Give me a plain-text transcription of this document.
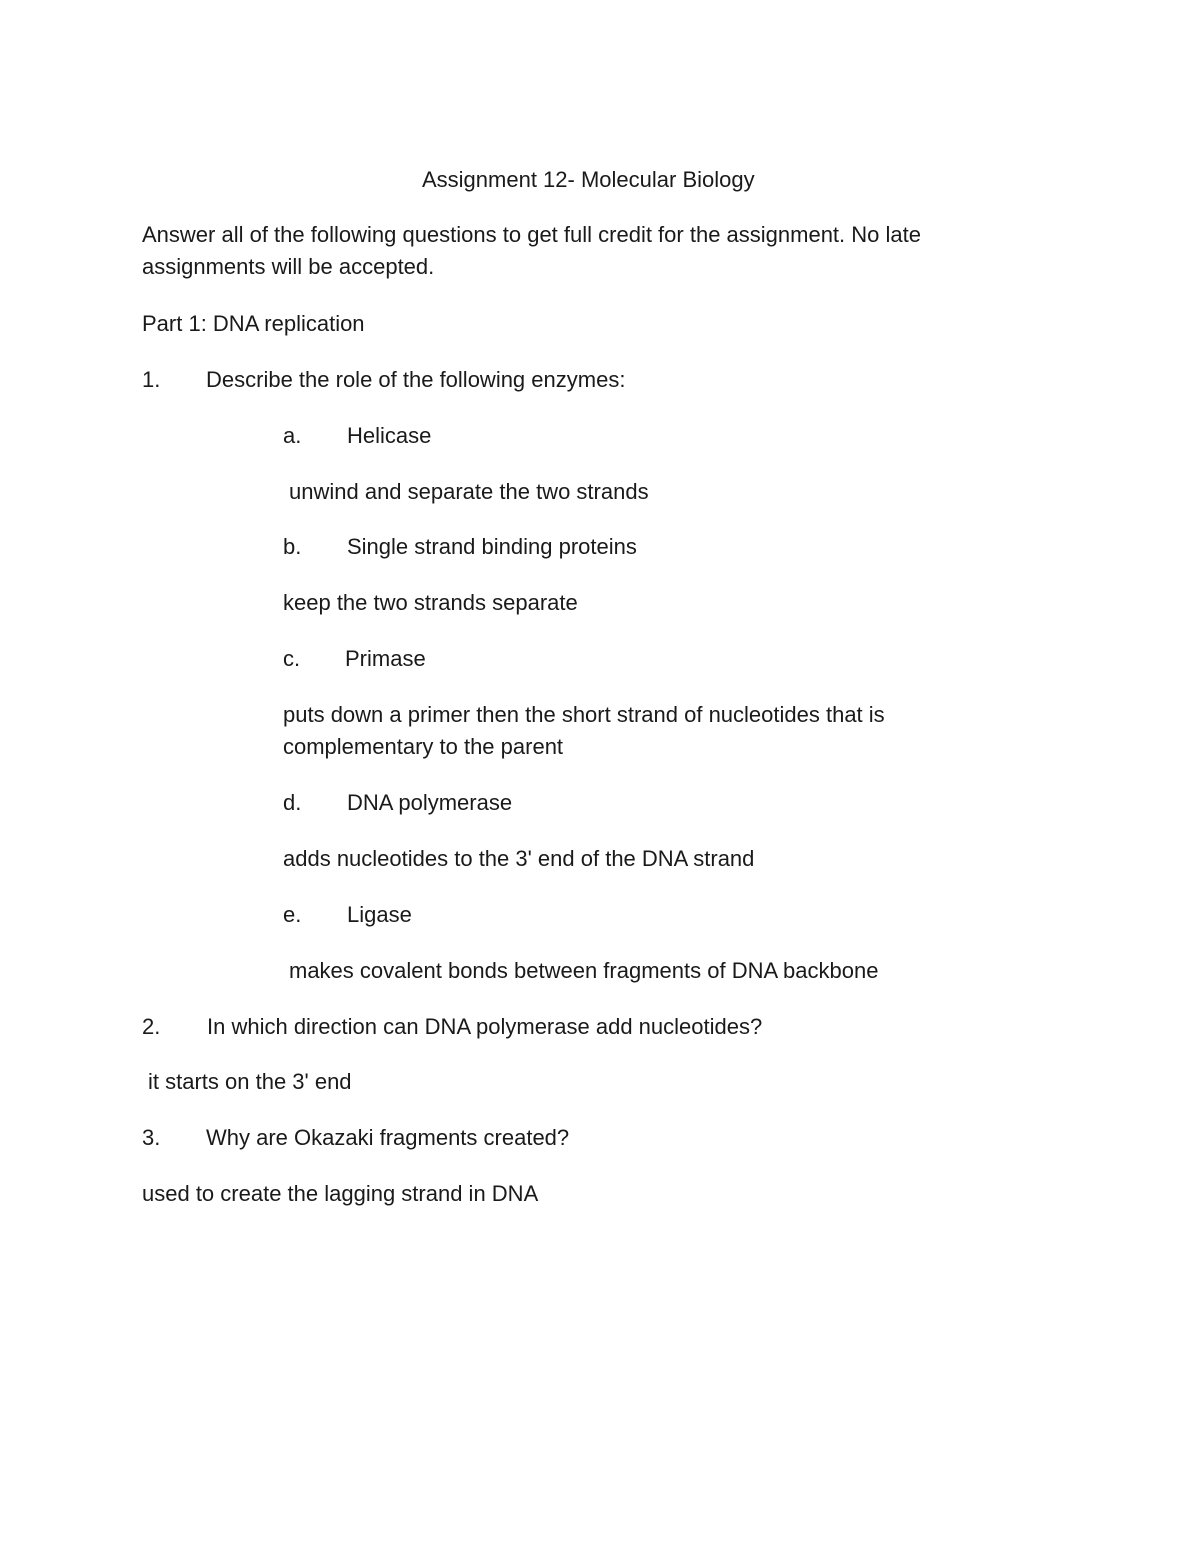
Assignment 12- Molecular Biology
Answer all of the following questions to get full credit for the assignment. No late assignments will be accepted.
Part 1: DNA replication
1. Describe the role of the following enzymes:
a. Helicase
unwind and separate the two strands
b. Single strand binding proteins
keep the two strands separate
c. Primase
puts down a primer then the short strand of nucleotides that is complementary to the parent
d. DNA polymerase
adds nucleotides to the 3' end of the DNA strand
e. Ligase
makes covalent bonds between fragments of DNA backbone
2. In which direction can DNA polymerase add nucleotides?
it starts on the 3' end
3. Why are Okazaki fragments created?
used to create the lagging strand in DNA
